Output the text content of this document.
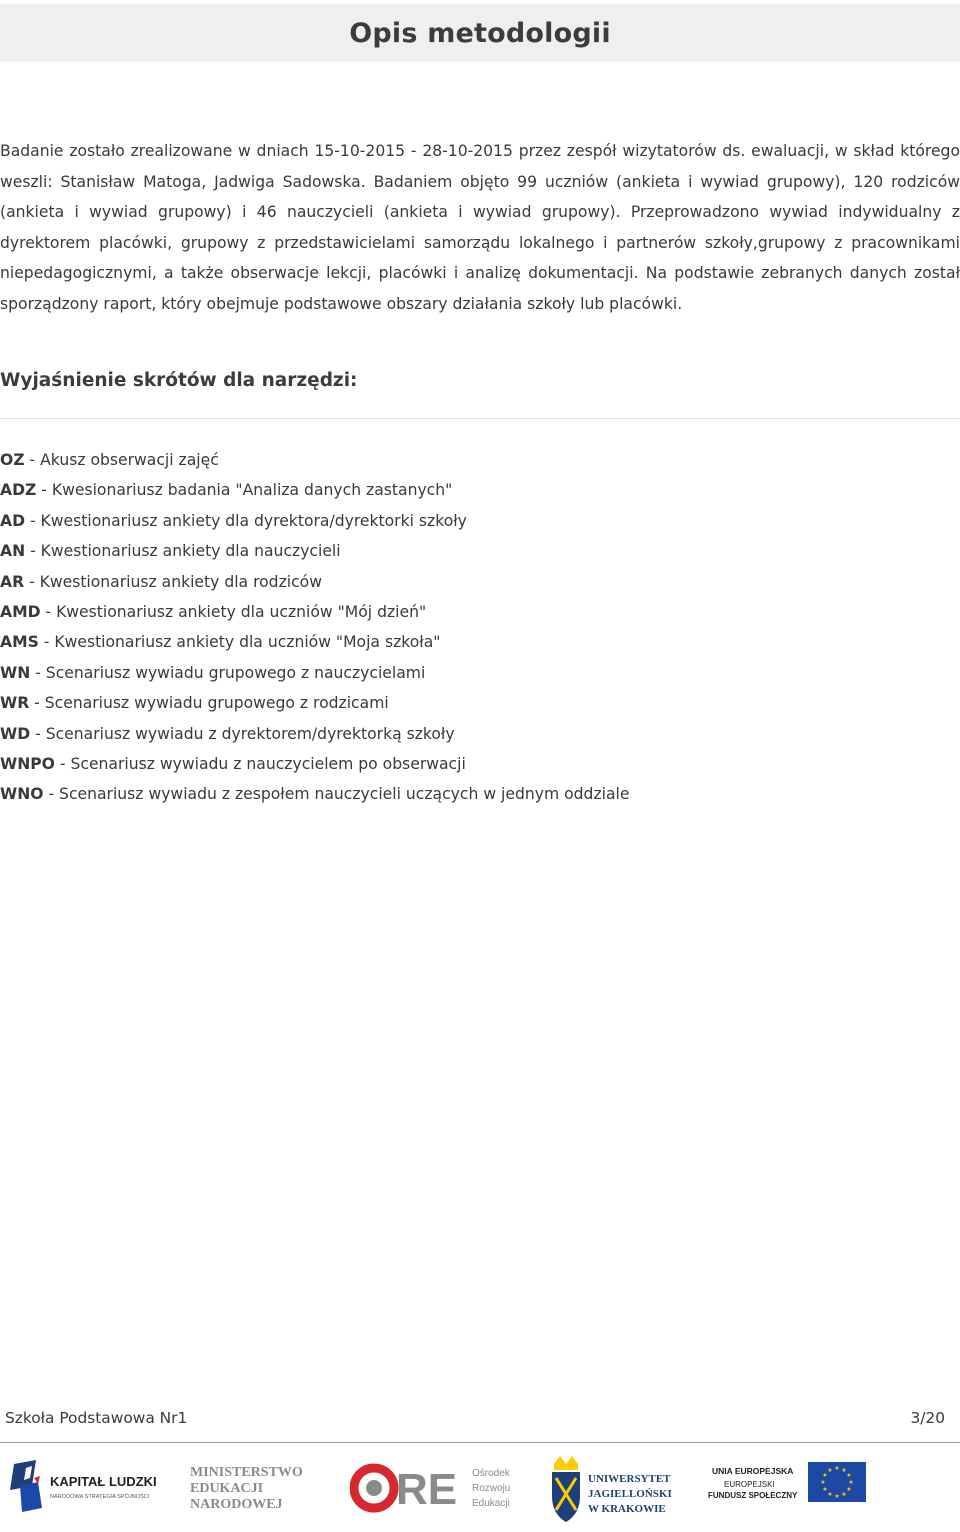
Opis metodologii

Badanie zostało zrealizowane w dniach 15-10-2015 - 28-10-2015 przez zespół wizytatorów ds. ewaluacji, w skład którego weszli: Stanisław Matoga, Jadwiga Sadowska. Badaniem objęto 99 uczniów (ankieta i wywiad grupowy), 120 rodziców (ankieta i wywiad grupowy) i 46 nauczycieli (ankieta i wywiad grupowy). Przeprowadzono wywiad indywidualny z dyrektorem placówki, grupowy z przedstawicielami samorządu lokalnego i partnerów szkoły,grupowy z pracownikami niepedagogicznymi, a także obserwacje lekcji, placówki i analizę dokumentacji. Na podstawie zebranych danych został sporządzony raport, który obejmuje podstawowe obszary działania szkoły lub placówki.

Wyjaśnienie skrótów dla narzędzi:
OZ - Akusz obserwacji zajęć
ADZ - Kwesionariusz badania "Analiza danych zastanych"
AD - Kwestionariusz ankiety dla dyrektora/dyrektorki szkoły
AN - Kwestionariusz ankiety dla nauczycieli
AR - Kwestionariusz ankiety dla rodziców
AMD - Kwestionariusz ankiety dla uczniów "Mój dzień"
AMS - Kwestionariusz ankiety dla uczniów "Moja szkoła"
WN - Scenariusz wywiadu grupowego z nauczycielami
WR - Scenariusz wywiadu grupowego z rodzicami
WD - Scenariusz wywiadu z dyrektorem/dyrektorką szkoły
WNPO - Scenariusz wywiadu z nauczycielem po obserwacji
WNO - Scenariusz wywiadu z zespołem nauczycieli uczących w jednym oddziale
Szkoła Podstawowa Nr1	3/20
KAPITAŁ LUDZKI
NARODOWA STRATEGIA SPÓJNOŚCI
MINISTERSTWO
EDUKACJI
NARODOWEJ	RE Ośrodek
Rozwoju
Edukacji
UNIWERSYTET
JAGIELLOŃSKI
W KRAKOWIE
UNIA EUROPEJSKA
EUROPEJSKI
FUNDUSZ SPOŁECZNY
★ ★
★
★
★
★
★
★
★
★
★
★
